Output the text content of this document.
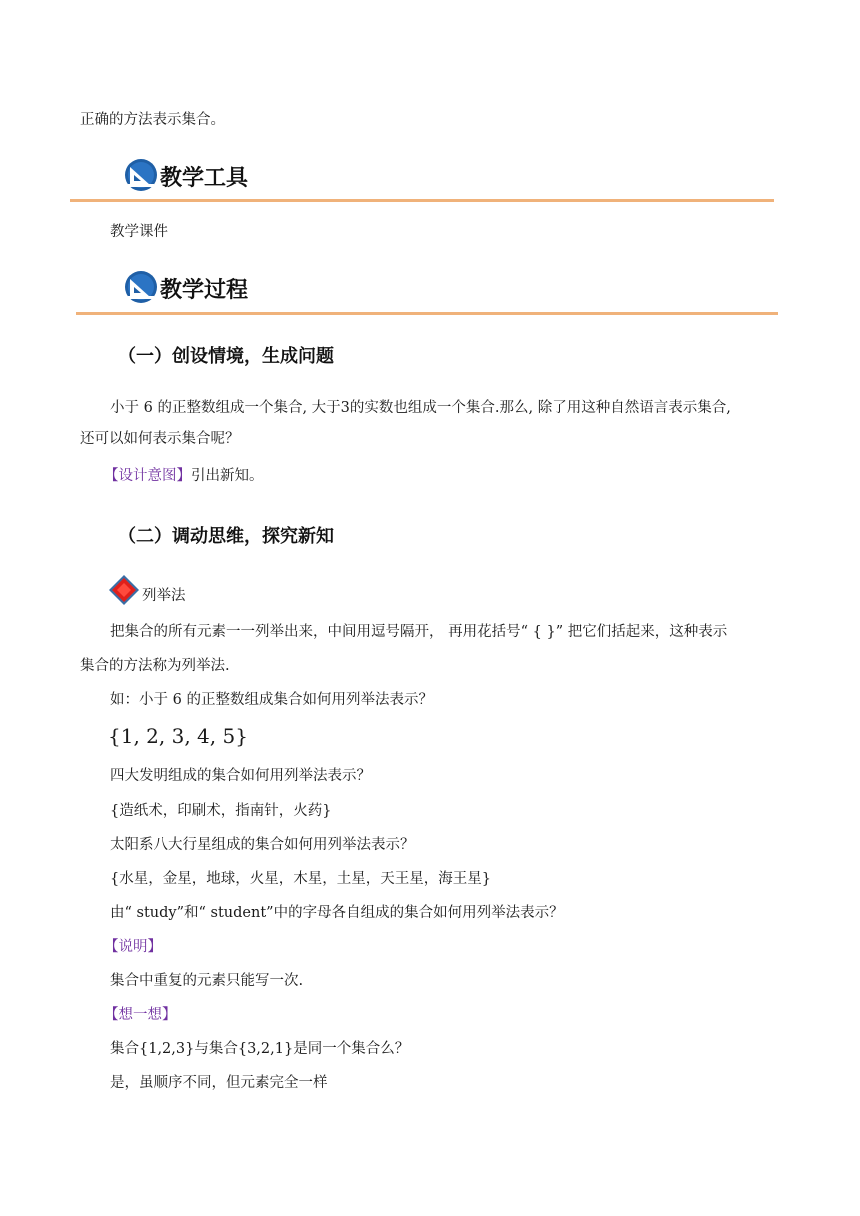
正确的方法表示集合。
教学工具
教学课件
教学过程
（一）创设情境，生成问题
小于 6 的正整数组成一个集合, 大于3的实数也组成一个集合.那么, 除了用这种自然语言表示集合,
还可以如何表示集合呢？
【设计意图】引出新知。
（二）调动思维，探究新知
列举法
把集合的所有元素一一列举出来，中间用逗号隔开， 再用花括号“ { }” 把它们括起来，这种表示
集合的方法称为列举法.
如：小于 6 的正整数组成集合如何用列举法表示？
{1, 2, 3, 4, 5}
四大发明组成的集合如何用列举法表示？
{造纸术，印刷术，指南针，火药}
太阳系八大行星组成的集合如何用列举法表示？
{水星，金星，地球，火星，木星，土星，天王星，海王星}
由“ study”和“ student”中的字母各自组成的集合如何用列举法表示？
【说明】
集合中重复的元素只能写一次.
【想一想】
集合{1,2,3}与集合{3,2,1}是同一个集合么？
是，虽顺序不同，但元素完全一样
